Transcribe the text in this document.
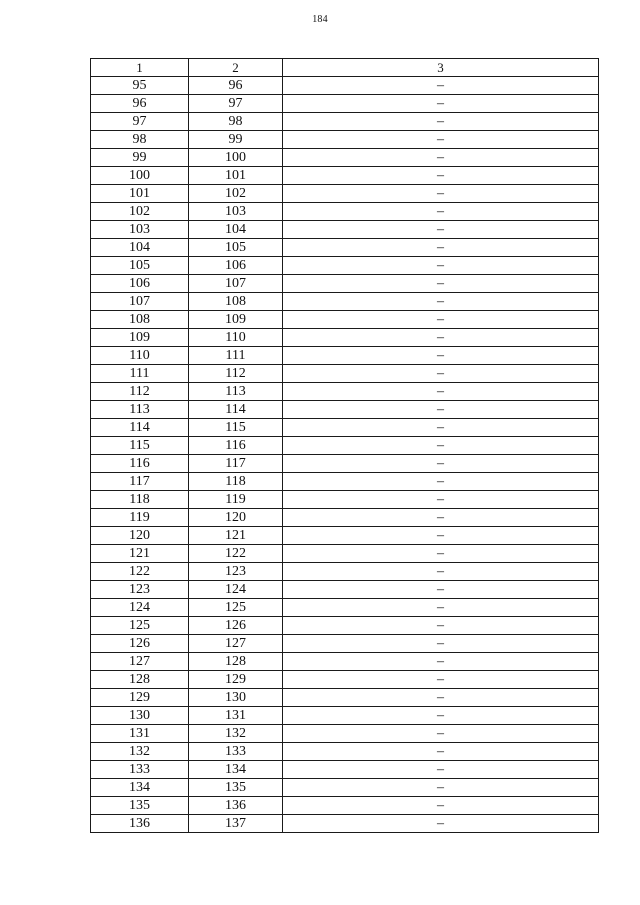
184
1	2	3
95	96	–
96	97	–
97	98	–
98	99	–
99	100	–
100	101	–
101	102	–
102	103	–
103	104	–
104	105	–
105	106	–
106	107	–
107	108	–
108	109	–
109	110	–
110	111	–
111	112	–
112	113	–
113	114	–
114	115	–
115	116	–
116	117	–
117	118	–
118	119	–
119	120	–
120	121	–
121	122	–
122	123	–
123	124	–
124	125	–
125	126	–
126	127	–
127	128	–
128	129	–
129	130	–
130	131	–
131	132	–
132	133	–
133	134	–
134	135	–
135	136	–
136	137	–
